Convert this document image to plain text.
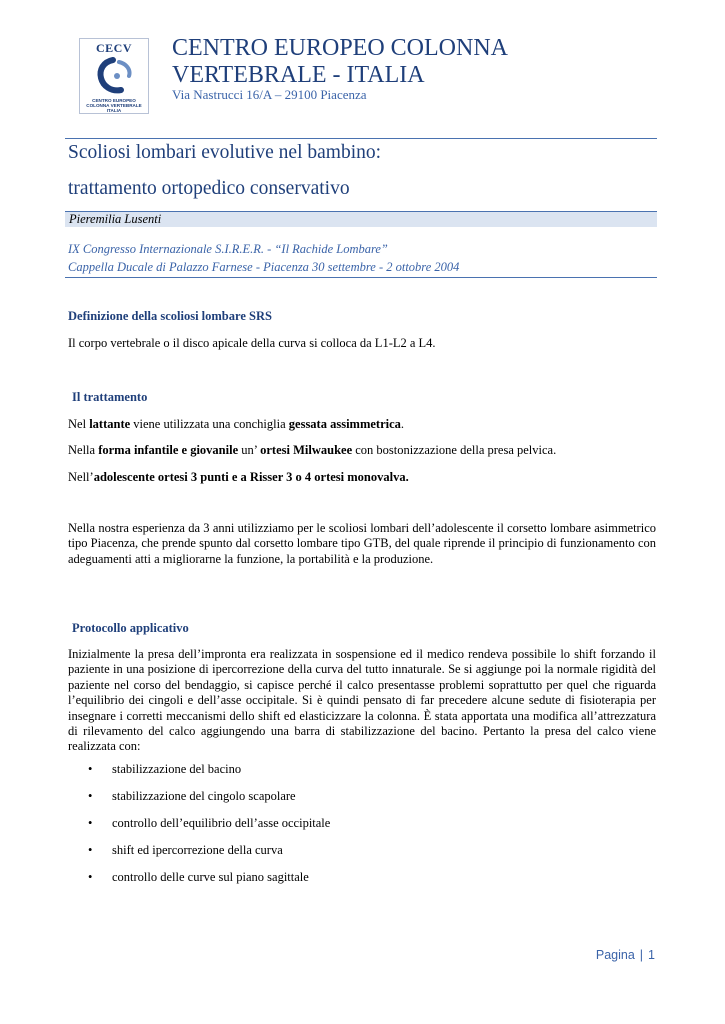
CECV
CENTRO EUROPEO
COLONNA VERTEBRALE
ITALIA
CENTRO EUROPEO COLONNA
VERTEBRALE - ITALIA
Via Nastrucci 16/A – 29100 Piacenza
Scoliosi lombari evolutive nel bambino:
trattamento ortopedico conservativo
Pieremilia Lusenti
IX Congresso Internazionale S.I.R.E.R. - “Il Rachide Lombare”
Cappella Ducale di Palazzo Farnese - Piacenza 30 settembre - 2 ottobre 2004
Definizione della scoliosi lombare SRS
Il corpo vertebrale o il disco apicale della curva si colloca da L1-L2 a L4.
Il trattamento
Nel lattante viene utilizzata una conchiglia gessata assimmetrica.
Nella forma infantile e giovanile un’ ortesi Milwaukee con bostonizzazione della presa pelvica.
Nell’adolescente ortesi 3 punti e a Risser 3 o 4 ortesi monovalva.
Nella nostra esperienza da 3 anni utilizziamo per le scoliosi lombari dell’adolescente il corsetto lombare asimmetrico tipo Piacenza, che prende spunto dal corsetto lombare tipo GTB, del quale riprende il principio di funzionamento con adeguamenti atti a migliorarne la funzione, la portabilità e la produzione.
Protocollo applicativo
Inizialmente la presa dell’impronta era realizzata in sospensione ed il medico rendeva possibile lo shift forzando il paziente in una posizione di ipercorrezione della curva del tutto innaturale. Se si aggiunge poi la normale rigidità del paziente nel corso del bendaggio, si capisce perché il calco presentasse problemi soprattutto per quel che riguarda l’equilibrio dei cingoli e dell’asse occipitale. Si è quindi pensato di far precedere alcune sedute di fisioterapia per insegnare i corretti meccanismi dello shift ed elasticizzare la colonna. È stata apportata una modifica all’attrezzatura di rilevamento del calco aggiungendo una barra di stabilizzazione del bacino. Pertanto la presa del calco viene realizzata con:
• stabilizzazione del bacino
• stabilizzazione del cingolo scapolare
• controllo dell’equilibrio dell’asse occipitale
• shift ed ipercorrezione della curva
• controllo delle curve sul piano sagittale
Pagina | 1
